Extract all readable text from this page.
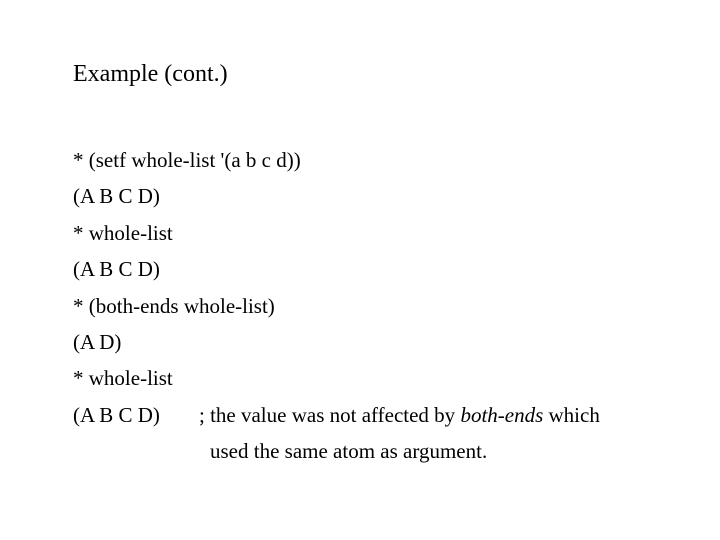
Example (cont.)
* (setf whole-list '(a b c d))
(A B C D)
* whole-list
(A B C D)
* (both-ends whole-list)
(A D)
* whole-list
(A B C D) ; the value was not affected by both-ends which
used the same atom as argument.
